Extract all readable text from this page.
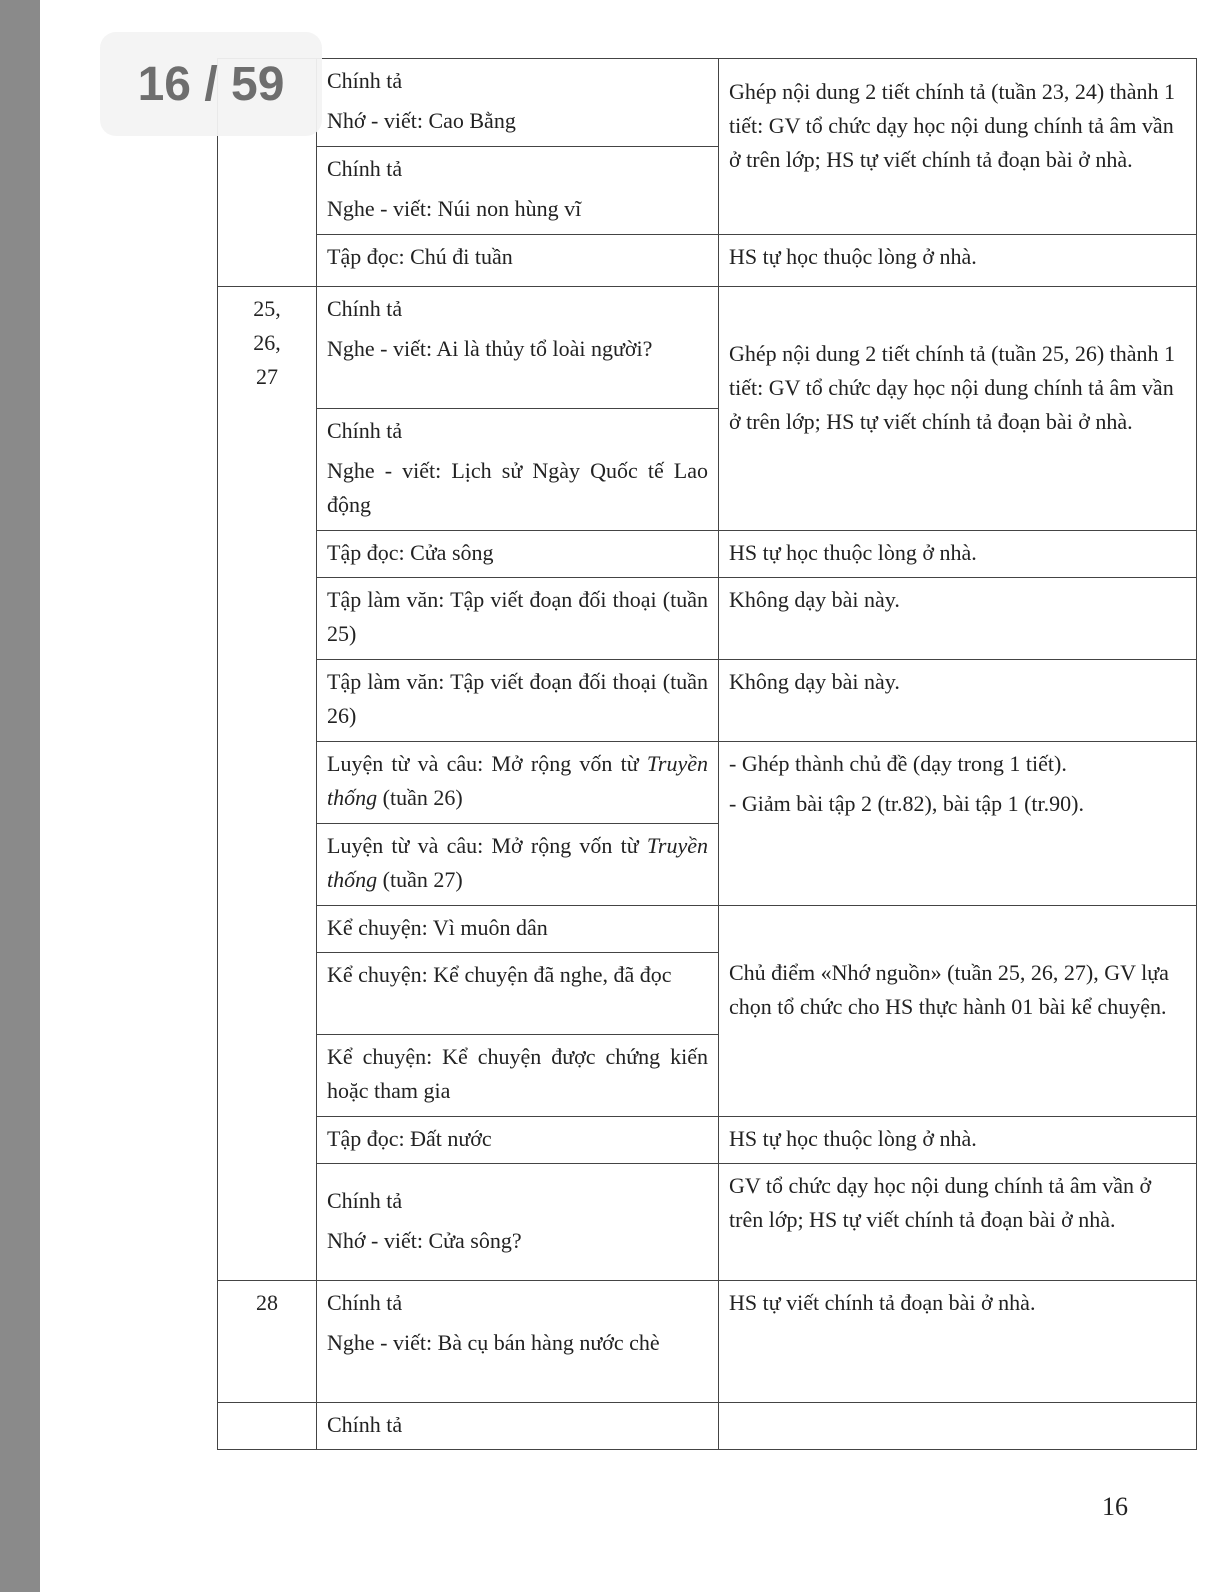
16 / 59

	Chính tả
Nhớ - viết: Cao Bằng	Ghép nội dung 2 tiết chính tả (tuần 23, 24) thành 1 tiết: GV tổ chức dạy học nội dung chính tả âm vần ở trên lớp; HS tự viết chính tả đoạn bài ở nhà.

	Chính tả
Nghe - viết: Núi non hùng vĩ	

	Tập đọc: Chú đi tuần	HS tự học thuộc lòng ở nhà.

25,
26,
27	Chính tả
Nghe - viết: Ai là thủy tổ loài người?	Ghép nội dung 2 tiết chính tả (tuần 25, 26) thành 1 tiết: GV tổ chức dạy học nội dung chính tả âm vần ở trên lớp; HS tự viết chính tả đoạn bài ở nhà.

	Chính tả
Nghe - viết: Lịch sử Ngày Quốc tế Lao động	
	Tập đọc: Cửa sông	HS tự học thuộc lòng ở nhà.
	Tập làm văn: Tập viết đoạn đối thoại (tuần 25)	Không dạy bài này.
	Tập làm văn: Tập viết đoạn đối thoại (tuần 26)	Không dạy bài này.
	Luyện từ và câu: Mở rộng vốn từ Truyền thống (tuần 26)	- Ghép thành chủ đề (dạy trong 1 tiết).
- Giảm bài tập 2 (tr.82), bài tập 1 (tr.90).

	Luyện từ và câu: Mở rộng vốn từ Truyền thống (tuần 27)	
	Kể chuyện: Vì muôn dân	Chủ điểm «Nhớ nguồn» (tuần 25, 26, 27), GV lựa chọn tổ chức cho HS thực hành 01 bài kể chuyện.
	Kể chuyện: Kể chuyện đã nghe, đã đọc	
	Kể chuyện: Kể chuyện được chứng kiến hoặc tham gia	
	Tập đọc: Đất nước	HS tự học thuộc lòng ở nhà.

	Chính tả
Nhớ - viết: Cửa sông?	GV tổ chức dạy học nội dung chính tả âm vần ở trên lớp; HS tự viết chính tả đoạn bài ở nhà.
28	Chính tả
Nghe - viết: Bà cụ bán hàng nước chè	HS tự viết chính tả đoạn bài ở nhà.
	Chính tả	
16
